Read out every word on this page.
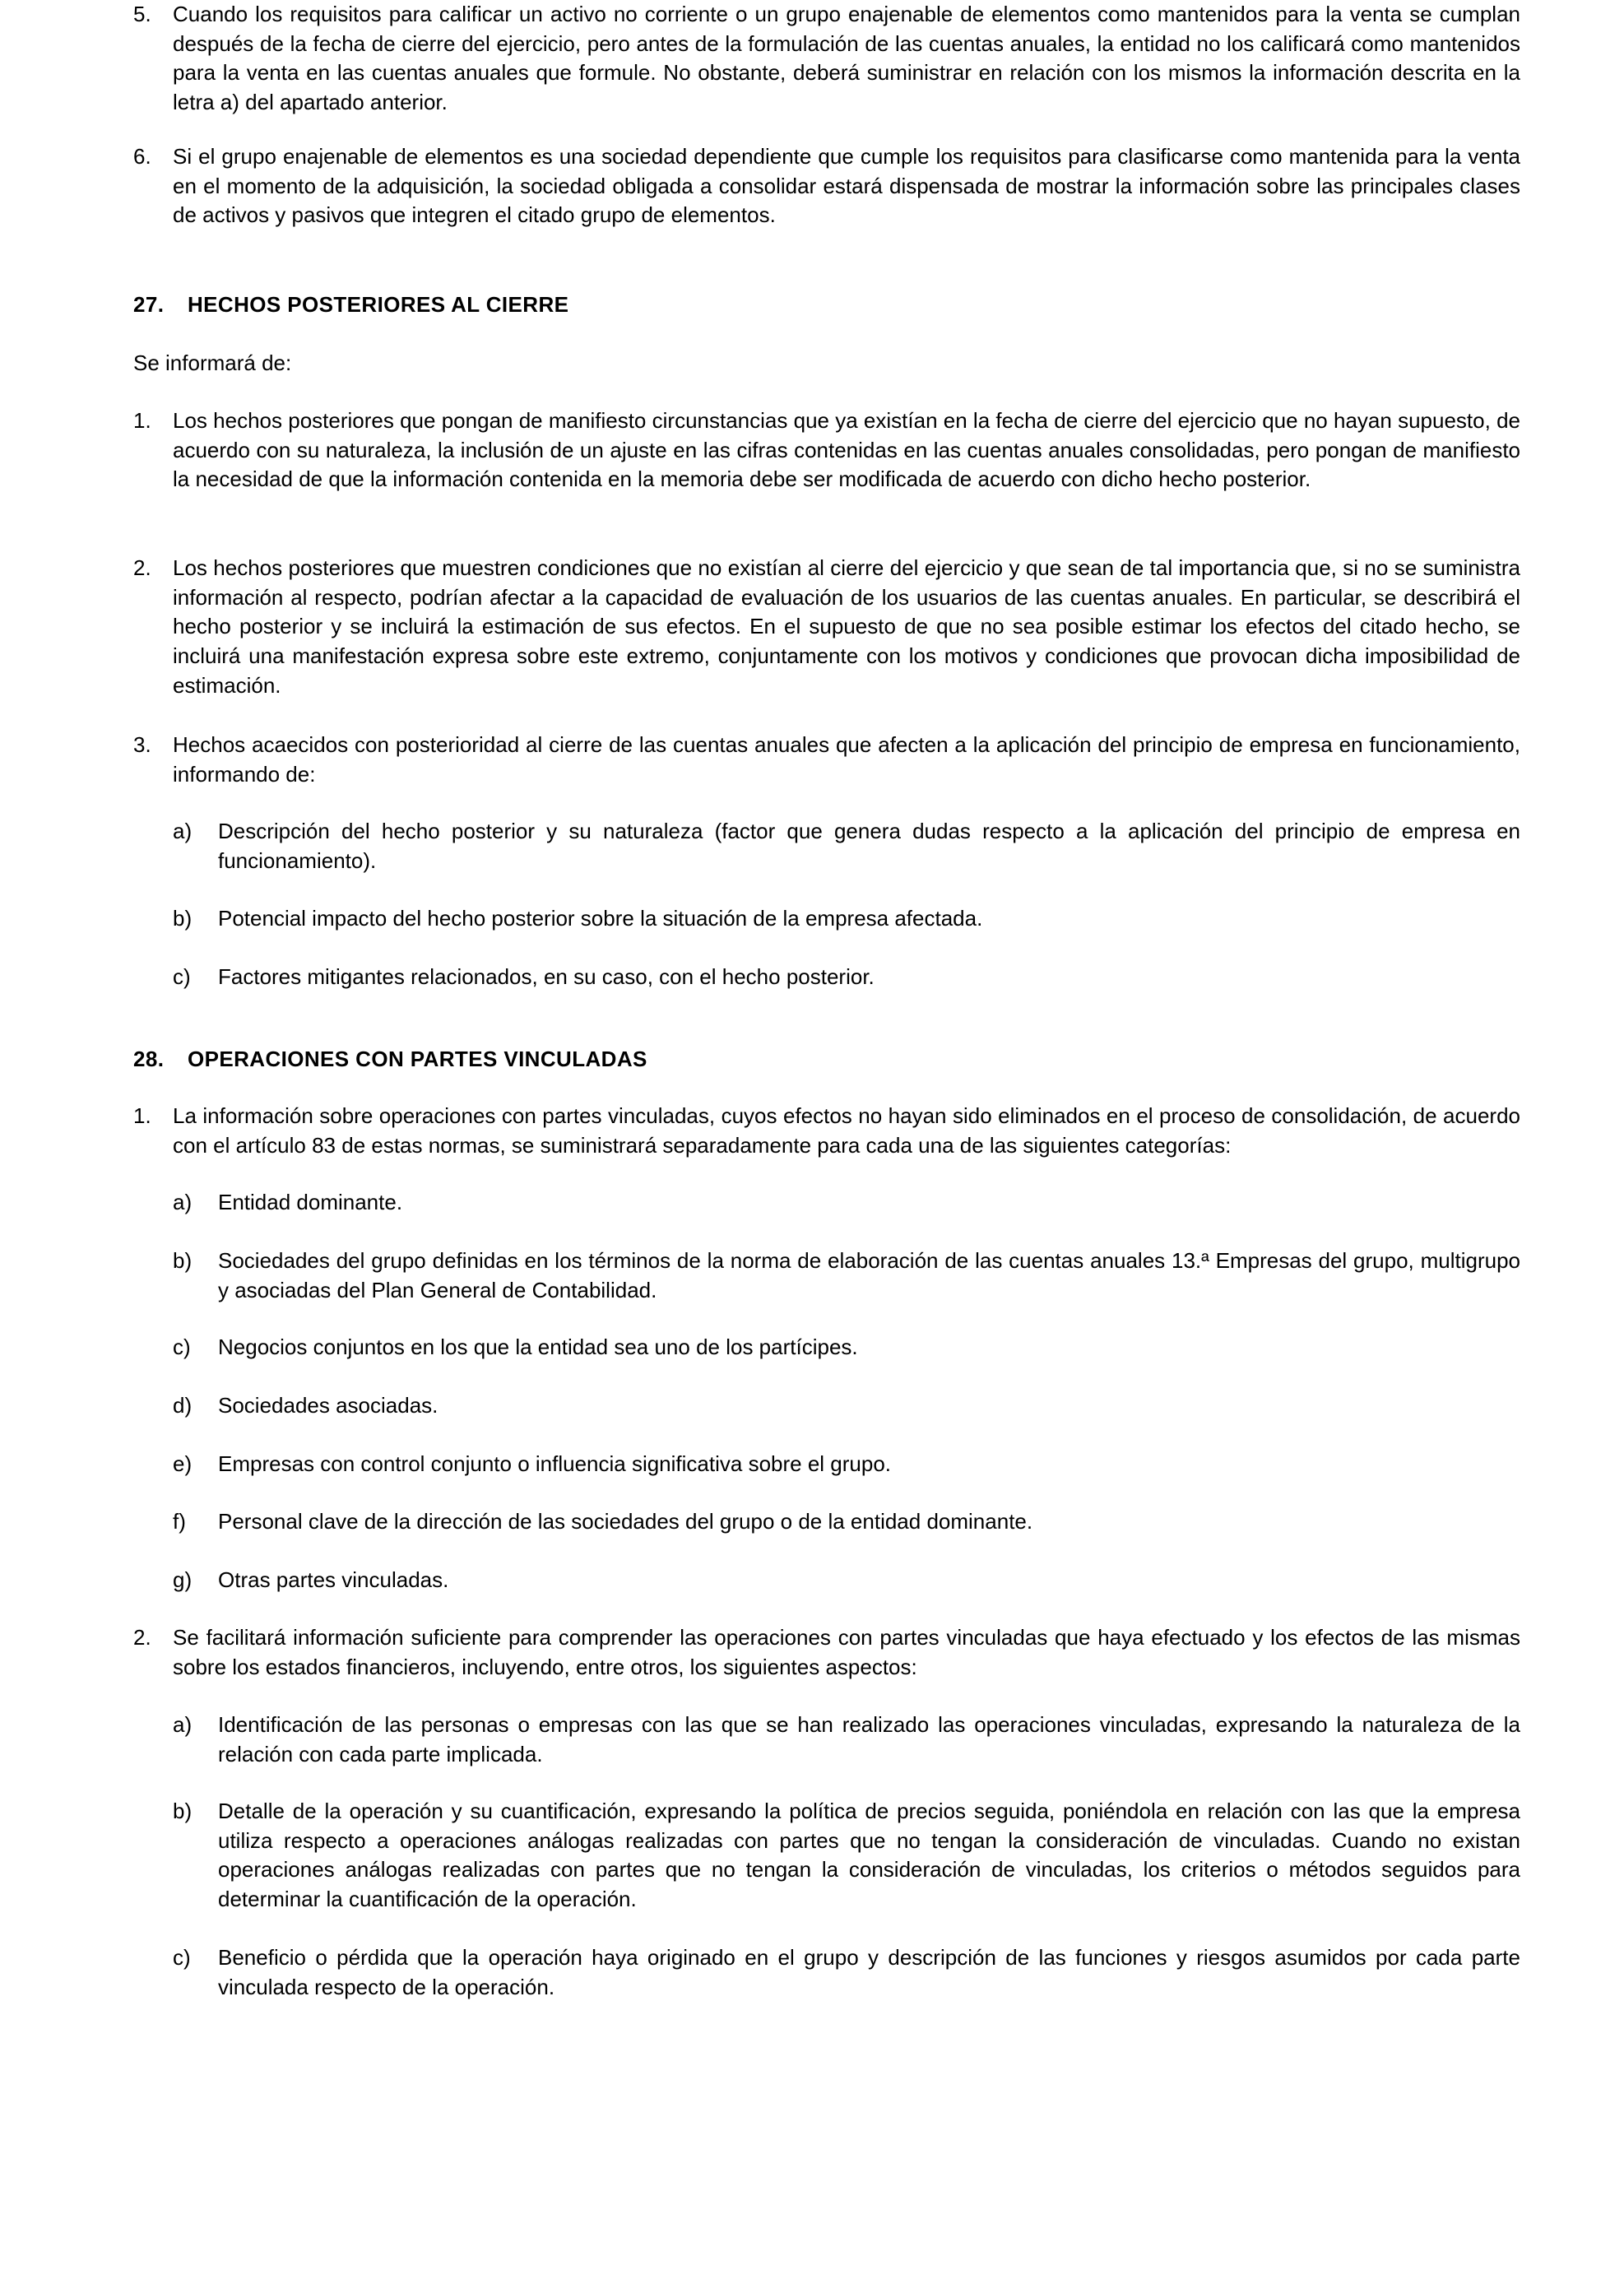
5.	Cuando los requisitos para calificar un activo no corriente o un grupo enajenable de elementos como mantenidos para la venta se cumplan después de la fecha de cierre del ejercicio, pero antes de la formulación de las cuentas anuales, la entidad no los calificará como mantenidos para la venta en las cuentas anuales que formule. No obstante, deberá suministrar en relación con los mismos la información descrita en la letra a) del apartado anterior.
6.	Si el grupo enajenable de elementos es una sociedad dependiente que cumple los requisitos para clasificarse como mantenida para la venta en el momento de la adquisición, la sociedad obligada a consolidar estará dispensada de mostrar la información sobre las principales clases de activos y pasivos que integren el citado grupo de elementos.
27. HECHOS POSTERIORES AL CIERRE
Se informará de:
1.	Los hechos posteriores que pongan de manifiesto circunstancias que ya existían en la fecha de cierre del ejercicio que no hayan supuesto, de acuerdo con su naturaleza, la inclusión de un ajuste en las cifras contenidas en las cuentas anuales consolidadas, pero pongan de manifiesto la necesidad de que la información contenida en la memoria debe ser modificada de acuerdo con dicho hecho posterior.
2.	Los hechos posteriores que muestren condiciones que no existían al cierre del ejercicio y que sean de tal importancia que, si no se suministra información al respecto, podrían afectar a la capacidad de evaluación de los usuarios de las cuentas anuales. En particular, se describirá el hecho posterior y se incluirá la estimación de sus efectos. En el supuesto de que no sea posible estimar los efectos del citado hecho, se incluirá una manifestación expresa sobre este extremo, conjuntamente con los motivos y condiciones que provocan dicha imposibilidad de estimación.
3.	Hechos acaecidos con posterioridad al cierre de las cuentas anuales que afecten a la aplicación del principio de empresa en funcionamiento, informando de:
a)	Descripción del hecho posterior y su naturaleza (factor que genera dudas respecto a la aplicación del principio de empresa en funcionamiento).
b)	Potencial impacto del hecho posterior sobre la situación de la empresa afectada.
c)	Factores mitigantes relacionados, en su caso, con el hecho posterior.
28. OPERACIONES CON PARTES VINCULADAS
1.	La información sobre operaciones con partes vinculadas, cuyos efectos no hayan sido eliminados en el proceso de consolidación, de acuerdo con el artículo 83 de estas normas, se suministrará separadamente para cada una de las siguientes categorías:
a)	Entidad dominante.
b)	Sociedades del grupo definidas en los términos de la norma de elaboración de las cuentas anuales 13.ª Empresas del grupo, multigrupo y asociadas del Plan General de Contabilidad.
c)	Negocios conjuntos en los que la entidad sea uno de los partícipes.
d)	Sociedades asociadas.
e)	Empresas con control conjunto o influencia significativa sobre el grupo.
f)	Personal clave de la dirección de las sociedades del grupo o de la entidad dominante.
g)	Otras partes vinculadas.
2.	Se facilitará información suficiente para comprender las operaciones con partes vinculadas que haya efectuado y los efectos de las mismas sobre los estados financieros, incluyendo, entre otros, los siguientes aspectos:
a)	Identificación de las personas o empresas con las que se han realizado las operaciones vinculadas, expresando la naturaleza de la relación con cada parte implicada.
b)	Detalle de la operación y su cuantificación, expresando la política de precios seguida, poniéndola en relación con las que la empresa utiliza respecto a operaciones análogas realizadas con partes que no tengan la consideración de vinculadas. Cuando no existan operaciones análogas realizadas con partes que no tengan la consideración de vinculadas, los criterios o métodos seguidos para determinar la cuantificación de la operación.
c)	Beneficio o pérdida que la operación haya originado en el grupo y descripción de las funciones y riesgos asumidos por cada parte vinculada respecto de la operación.
